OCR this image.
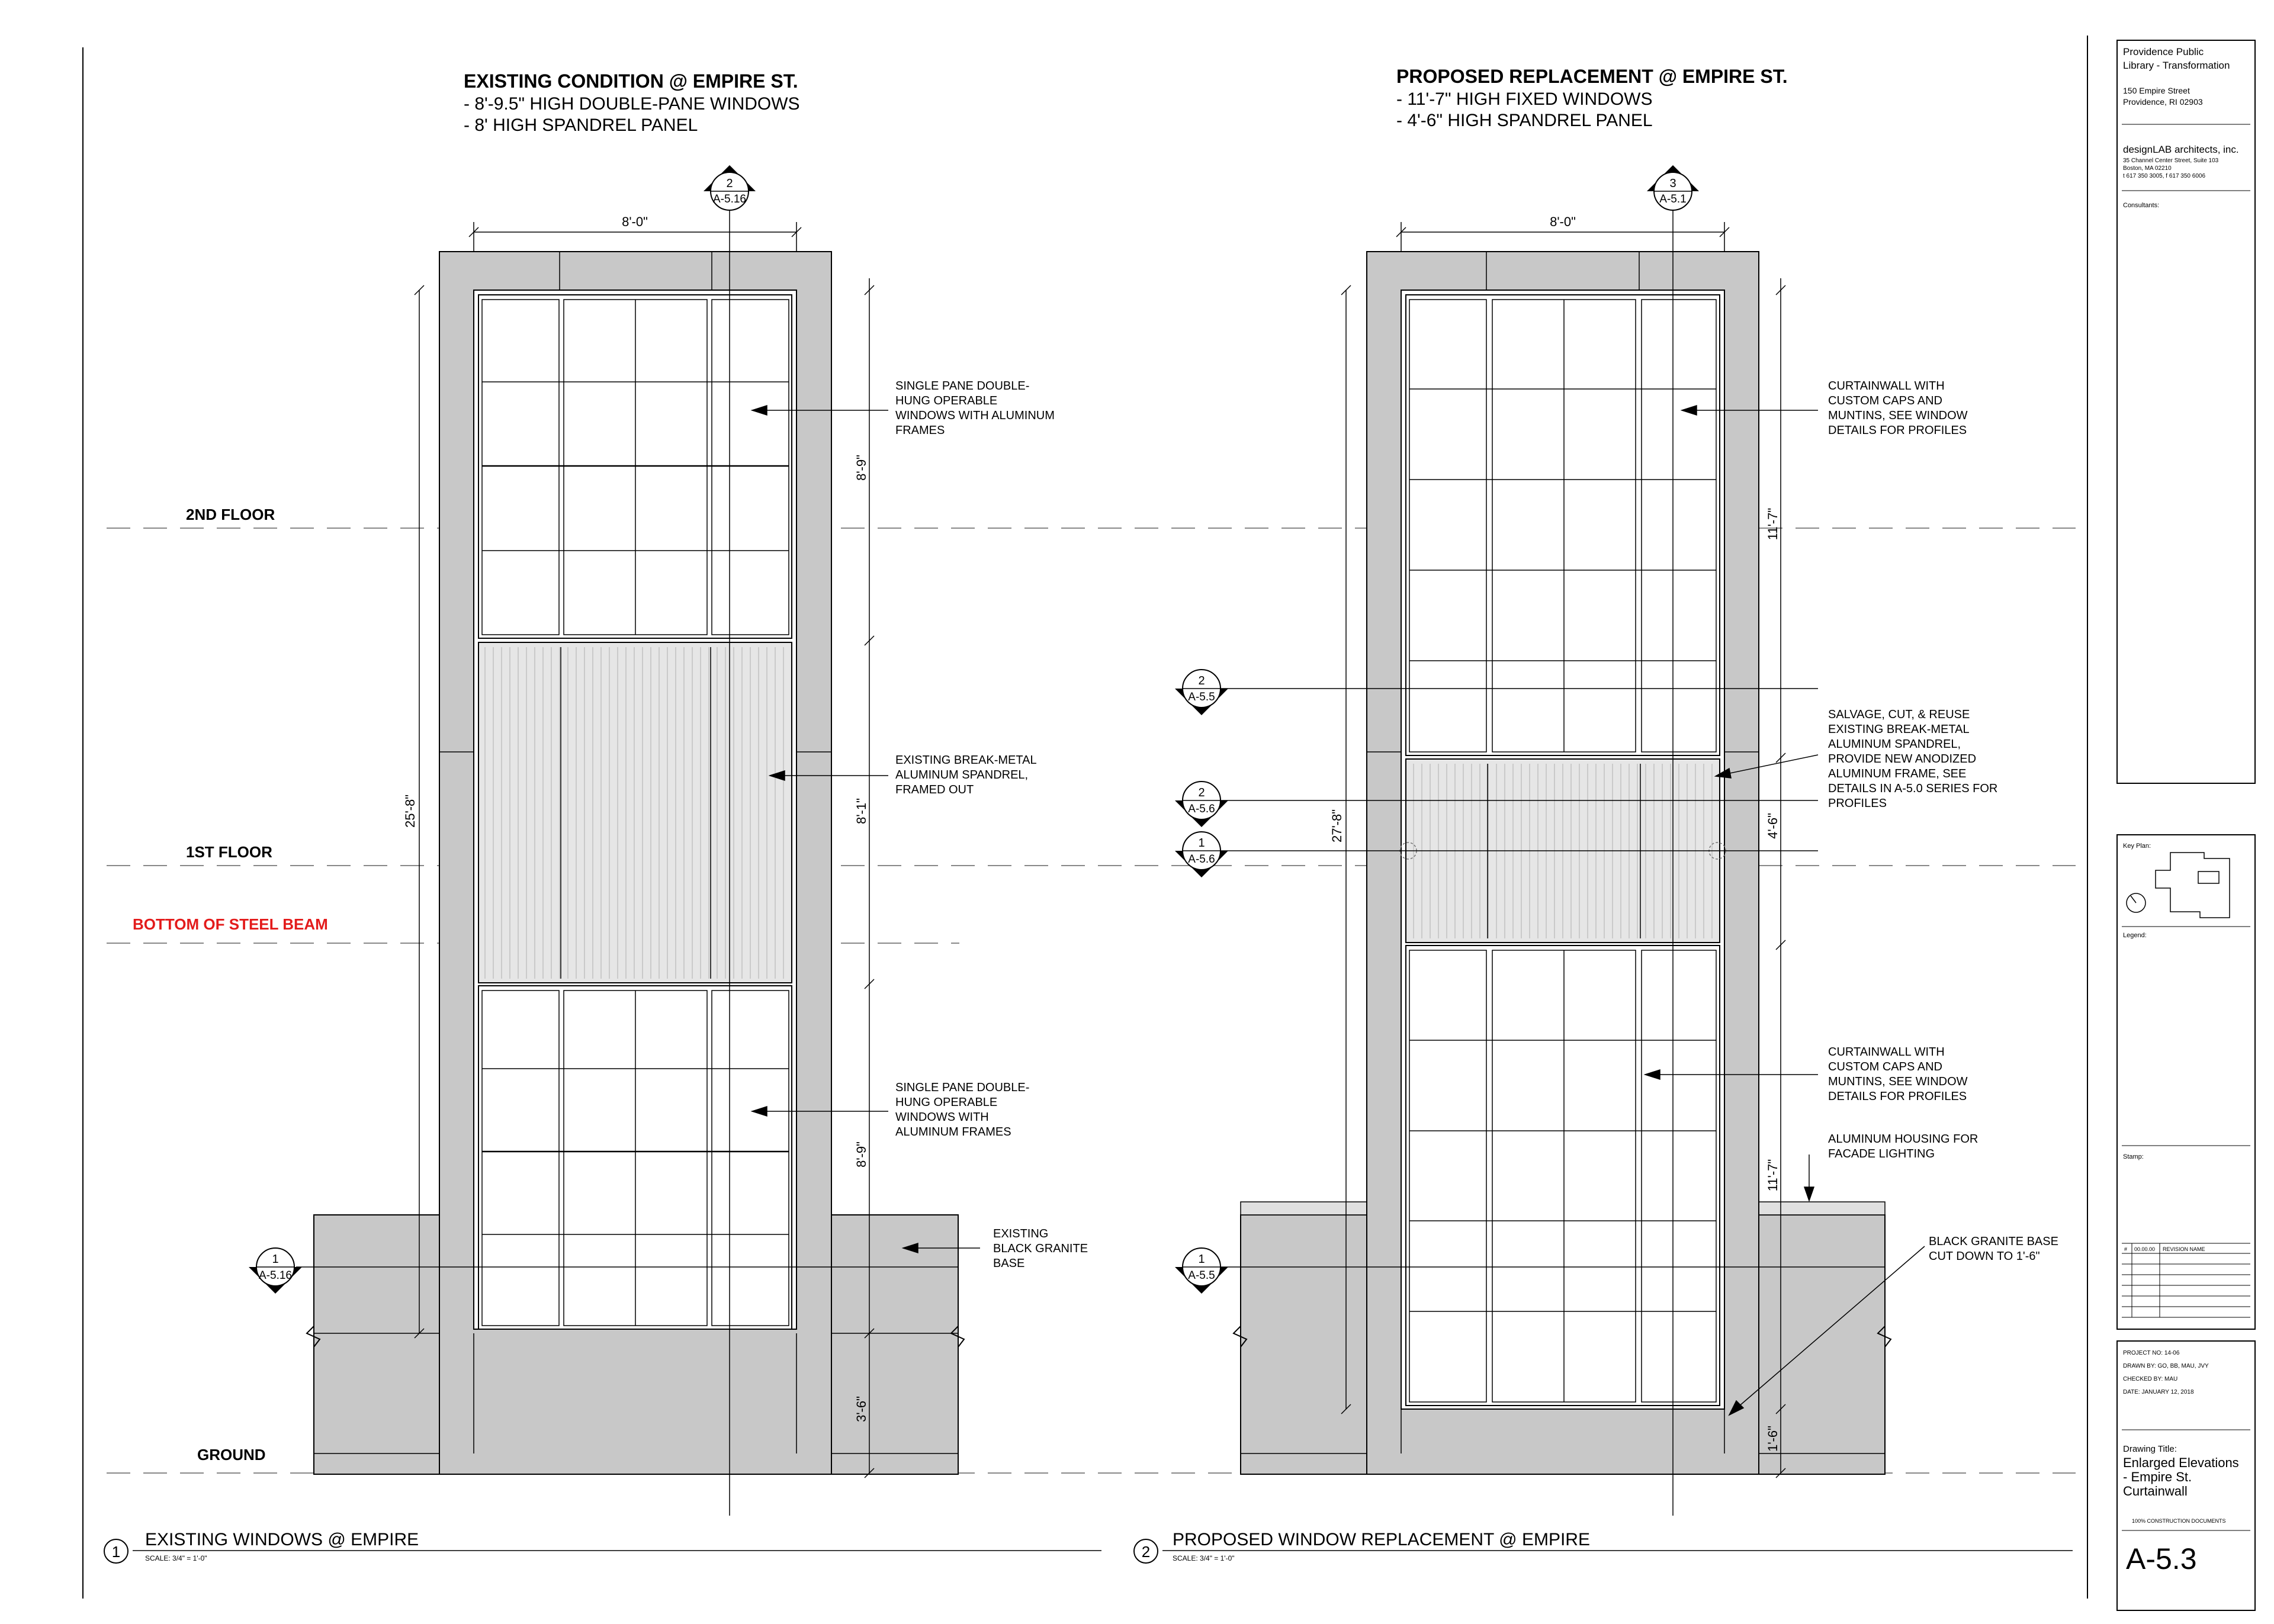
2ND FLOOR
1ST FLOOR
BOTTOM OF STEEL BEAM
GROUND
EXISTING CONDITION @ EMPIRE ST.
- 8'-9.5" HIGH DOUBLE-PANE WINDOWS
- 8' HIGH SPANDREL PANEL
2
A-5.16
1
A-5.16
8'-0"
25'-8"
8'-9"
8'-1"
8'-9"
3'-6"
SINGLE PANE DOUBLE-
HUNG OPERABLE
WINDOWS WITH ALUMINUM
FRAMES
EXISTING BREAK-METAL
ALUMINUM SPANDREL,
FRAMED OUT
SINGLE PANE DOUBLE-
HUNG OPERABLE
WINDOWS WITH
ALUMINUM FRAMES
EXISTING
BLACK GRANITE
BASE
1
EXISTING WINDOWS @ EMPIRE
SCALE: 3/4" = 1'-0"
PROPOSED REPLACEMENT @ EMPIRE ST.
- 11'-7" HIGH FIXED WINDOWS
- 4'-6" HIGH SPANDREL PANEL
3
A-5.1
2
A-5.5
2
A-5.6
1
A-5.6
1
A-5.5
8'-0"
27'-8"
11'-7"
4'-6"
11'-7"
1'-6"
CURTAINWALL WITH
CUSTOM CAPS AND
MUNTINS, SEE WINDOW
DETAILS FOR PROFILES
SALVAGE, CUT, & REUSE
EXISTING BREAK-METAL
ALUMINUM SPANDREL,
PROVIDE NEW ANODIZED
ALUMINUM FRAME, SEE
DETAILS IN A-5.0 SERIES FOR
PROFILES
CURTAINWALL WITH
CUSTOM CAPS AND
MUNTINS, SEE WINDOW
DETAILS FOR PROFILES
ALUMINUM HOUSING FOR
FACADE LIGHTING
BLACK GRANITE BASE
CUT DOWN TO 1'-6"
2
PROPOSED WINDOW REPLACEMENT @ EMPIRE
SCALE: 3/4" = 1'-0"
Providence Public
Library - Transformation
150 Empire Street
Providence, RI 02903
designLAB architects, inc.
35 Channel Center Street, Suite 103
Boston, MA 02210
t 617 350 3005, f 617 350 6006
Consultants:
Key Plan:
Legend:
Stamp:
# 00.00.00 REVISION NAME
PROJECT NO: 14-06
DRAWN BY: GO, BB, MAU, JVY
CHECKED BY: MAU
DATE: JANUARY 12, 2018
Drawing Title:
Enlarged Elevations
- Empire St.
Curtainwall
100% CONSTRUCTION DOCUMENTS
A-5.3
